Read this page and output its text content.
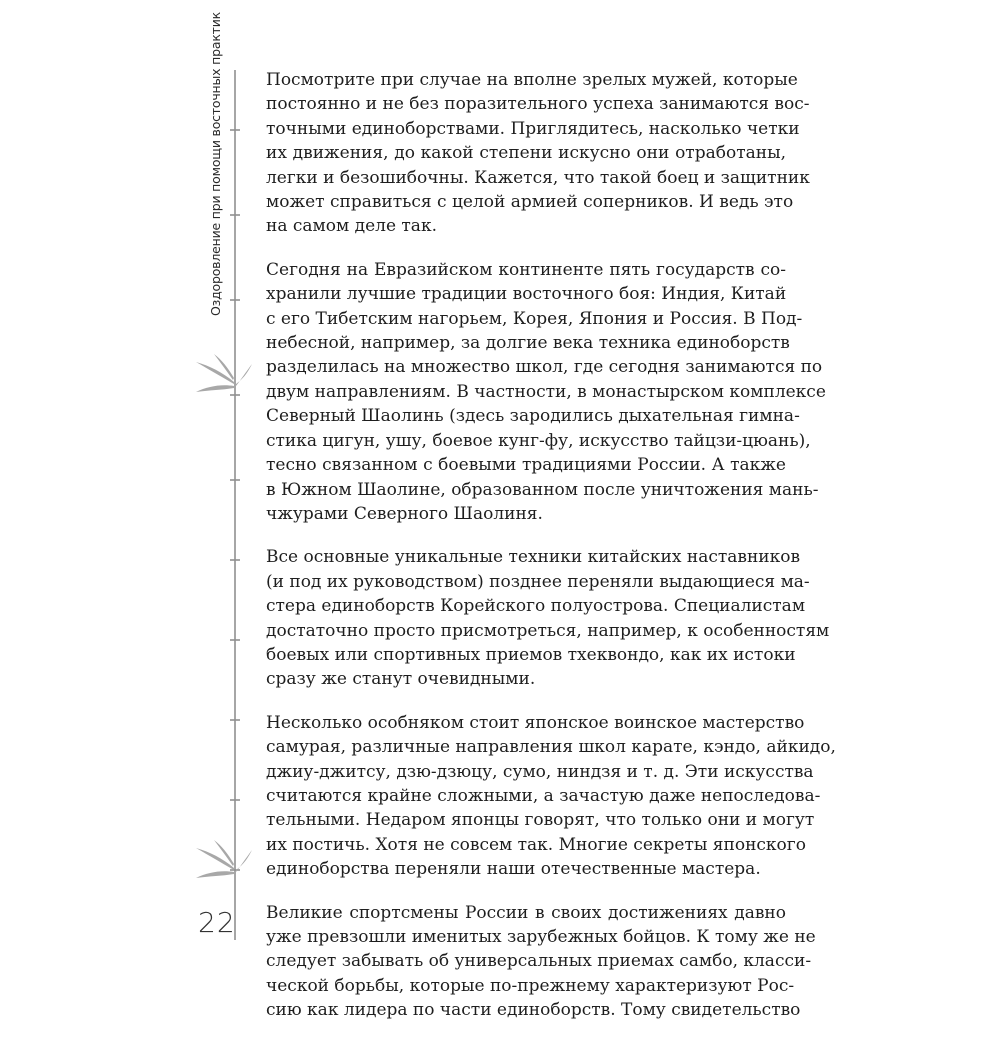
Оздоровление при помощи восточных практик
22
Посмотрите при случае на вполне зрелых мужей, которые
постоянно и не без поразительного успеха занимаются вос-
точными единоборствами. Приглядитесь, насколько четки
их движения, до какой степени искусно они отработаны,
легки и безошибочны. Кажется, что такой боец и защитник
может справиться с целой армией соперников. И ведь это
на самом деле так.
Сегодня на Евразийском континенте пять государств со-
хранили лучшие традиции восточного боя: Индия, Китай
с его Тибетским нагорьем, Корея, Япония и Россия. В Под-
небесной, например, за долгие века техника единоборств
разделилась на множество школ, где сегодня занимаются по
двум направлениям. В частности, в монастырском комплексе
Северный Шаолинь (здесь зародились дыхательная гимна-
стика цигун, ушу, боевое кунг-фу, искусство тайцзи-цюань),
тесно связанном с боевыми традициями России. А также
в Южном Шаолине, образованном после уничтожения мань-
чжурами Северного Шаолиня.
Все основные уникальные техники китайских наставников
(и под их руководством) позднее переняли выдающиеся ма-
стера единоборств Корейского полуострова. Специалистам
достаточно просто присмотреться, например, к особенностям
боевых или спортивных приемов тхеквондо, как их истоки
сразу же станут очевидными.
Несколько особняком стоит японское воинское мастерство
самурая, различные направления школ карате, кэндо, айкидо,
джиу-джитсу, дзю-дзюцу, сумо, ниндзя и т. д. Эти искусства
считаются крайне сложными, а зачастую даже непоследова-
тельными. Недаром японцы говорят, что только они и могут
их постичь. Хотя не совсем так. Многие секреты японского
единоборства переняли наши отечественные мастера.
Великие спортсмены России в своих достижениях давно
уже превзошли именитых зарубежных бойцов. К тому же не
следует забывать об универсальных приемах самбо, класси-
ческой борьбы, которые по-прежнему характеризуют Рос-
сию как лидера по части единоборств. Тому свидетельство
